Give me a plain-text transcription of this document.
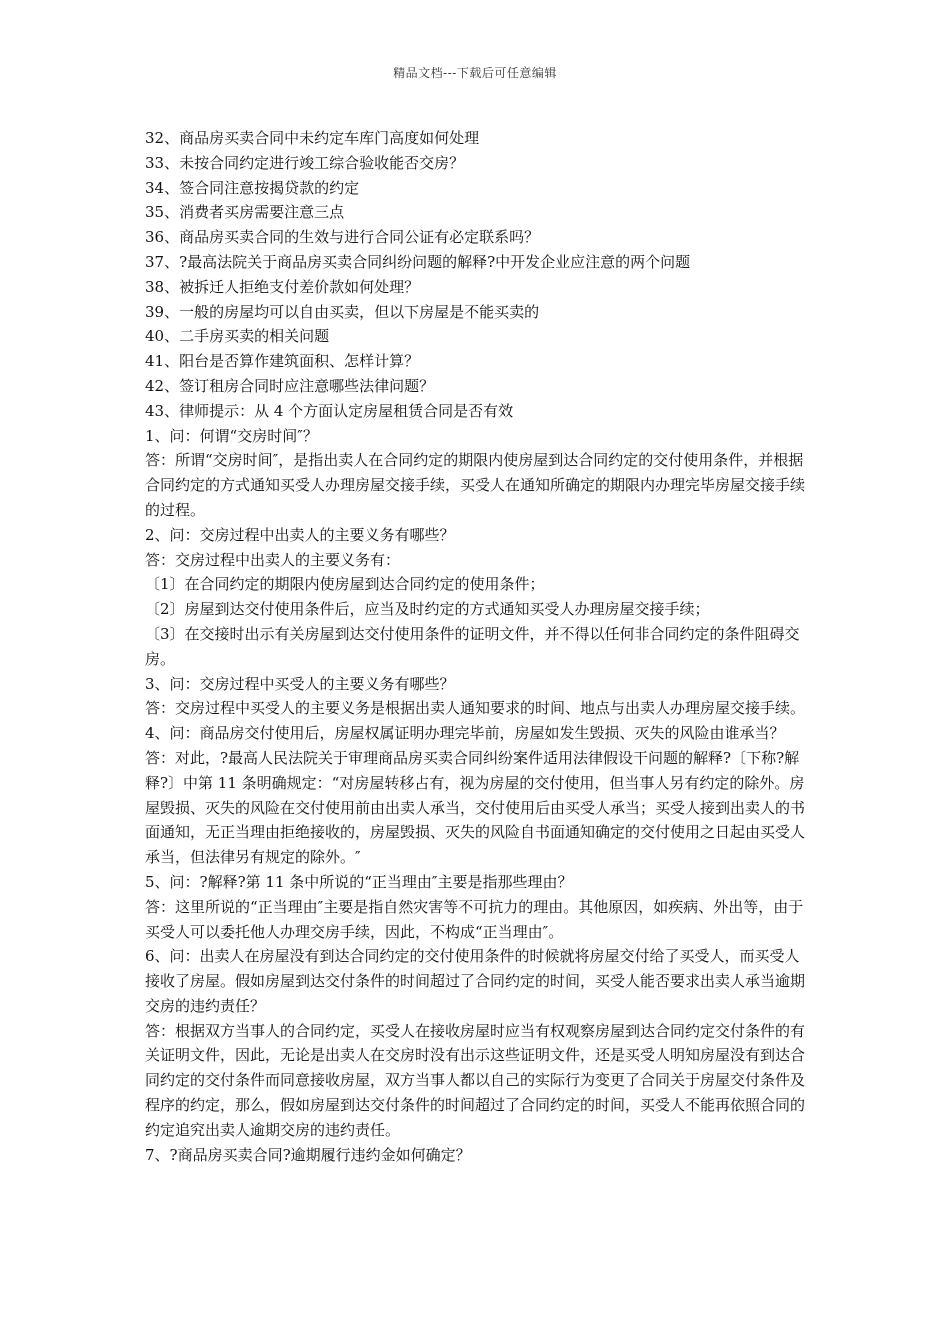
精品文档---下载后可任意编辑

32、商品房买卖合同中未约定车库门高度如何处理

33、未按合同约定进行竣工综合验收能否交房？

34、签合同注意按揭贷款的约定

35、消费者买房需要注意三点

36、商品房买卖合同的生效与进行合同公证有必定联系吗？

37、?最高法院关于商品房买卖合同纠纷问题的解释?中开发企业应注意的两个问题

38、被拆迁人拒绝支付差价款如何处理？

39、一般的房屋均可以自由买卖，但以下房屋是不能买卖的

40、二手房买卖的相关问题

41、阳台是否算作建筑面积、怎样计算？

42、签订租房合同时应注意哪些法律问题？

43、律师提示：从 4 个方面认定房屋租赁合同是否有效

1、问：何谓“交房时间″？

答：所谓“交房时间″，是指出卖人在合同约定的期限内使房屋到达合同约定的交付使用条件，并根据合同约定的方式通知买受人办理房屋交接手续，买受人在通知所确定的期限内办理完毕房屋交接手续的过程。

2、问：交房过程中出卖人的主要义务有哪些？

答：交房过程中出卖人的主要义务有：

〔1〕在合同约定的期限内使房屋到达合同约定的使用条件；

〔2〕房屋到达交付使用条件后，应当及时约定的方式通知买受人办理房屋交接手续；

〔3〕在交接时出示有关房屋到达交付使用条件的证明文件，并不得以任何非合同约定的条件阻碍交房。

3、问：交房过程中买受人的主要义务有哪些？

答：交房过程中买受人的主要义务是根据出卖人通知要求的时间、地点与出卖人办理房屋交接手续。

4、问：商品房交付使用后，房屋权属证明办理完毕前，房屋如发生毁损、灭失的风险由谁承当？

答：对此，?最高人民法院关于审理商品房买卖合同纠纷案件适用法律假设干问题的解释?〔下称?解释?〕中第 11 条明确规定：“对房屋转移占有，视为房屋的交付使用，但当事人另有约定的除外。房屋毁损、灭失的风险在交付使用前由出卖人承当，交付使用后由买受人承当；买受人接到出卖人的书面通知，无正当理由拒绝接收的，房屋毁损、灭失的风险自书面通知确定的交付使用之日起由买受人承当，但法律另有规定的除外。″

5、问：?解释?第 11 条中所说的“正当理由″主要是指那些理由？

答：这里所说的“正当理由″主要是指自然灾害等不可抗力的理由。其他原因，如疾病、外出等，由于买受人可以委托他人办理交房手续，因此，不构成“正当理由″。

6、问：出卖人在房屋没有到达合同约定的交付使用条件的时候就将房屋交付给了买受人，而买受人接收了房屋。假如房屋到达交付条件的时间超过了合同约定的时间，买受人能否要求出卖人承当逾期交房的违约责任？

答：根据双方当事人的合同约定，买受人在接收房屋时应当有权观察房屋到达合同约定交付条件的有关证明文件，因此，无论是出卖人在交房时没有出示这些证明文件，还是买受人明知房屋没有到达合同约定的交付条件而同意接收房屋，双方当事人都以自己的实际行为变更了合同关于房屋交付条件及程序的约定，那么，假如房屋到达交付条件的时间超过了合同约定的时间，买受人不能再依照合同的约定追究出卖人逾期交房的违约责任。

7、?商品房买卖合同?逾期履行违约金如何确定？
